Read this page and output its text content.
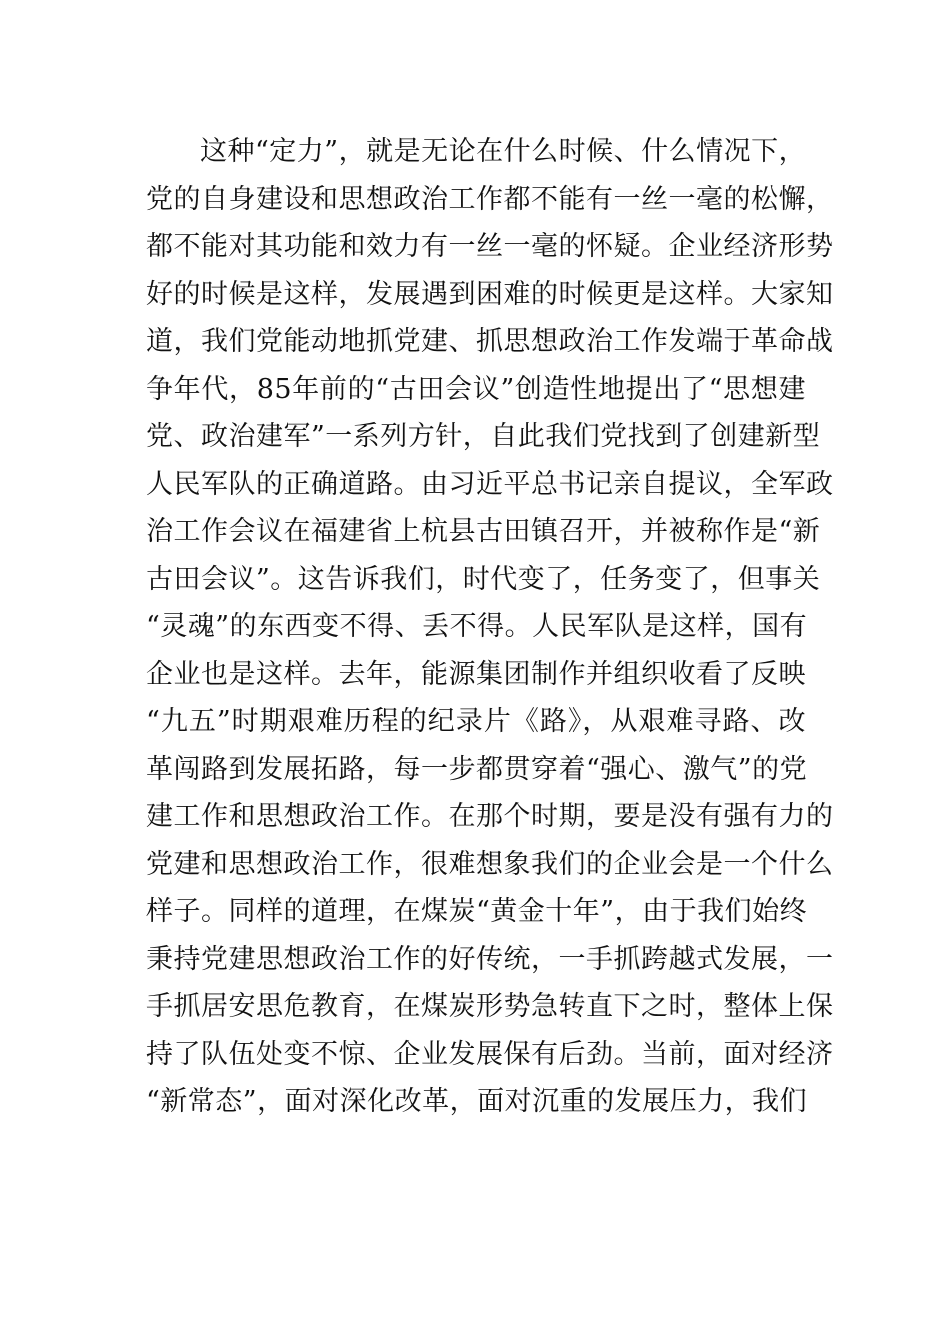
这种“定力”，就是无论在什么时候、什么情况下，
党的自身建设和思想政治工作都不能有一丝一毫的松懈，
都不能对其功能和效力有一丝一毫的怀疑。企业经济形势
好的时候是这样，发展遇到困难的时候更是这样。大家知
道，我们党能动地抓党建、抓思想政治工作发端于革命战
争年代，85年前的“古田会议”创造性地提出了“思想建
党、政治建军”一系列方针，自此我们党找到了创建新型
人民军队的正确道路。由习近平总书记亲自提议，全军政
治工作会议在福建省上杭县古田镇召开，并被称作是“新
古田会议”。这告诉我们，时代变了，任务变了，但事关
“灵魂”的东西变不得、丢不得。人民军队是这样，国有
企业也是这样。去年，能源集团制作并组织收看了反映
“九五”时期艰难历程的纪录片《路》，从艰难寻路、改
革闯路到发展拓路，每一步都贯穿着“强心、激气”的党
建工作和思想政治工作。在那个时期，要是没有强有力的
党建和思想政治工作，很难想象我们的企业会是一个什么
样子。同样的道理，在煤炭“黄金十年”，由于我们始终
秉持党建思想政治工作的好传统，一手抓跨越式发展，一
手抓居安思危教育，在煤炭形势急转直下之时，整体上保
持了队伍处变不惊、企业发展保有后劲。当前，面对经济
“新常态”，面对深化改革，面对沉重的发展压力，我们
